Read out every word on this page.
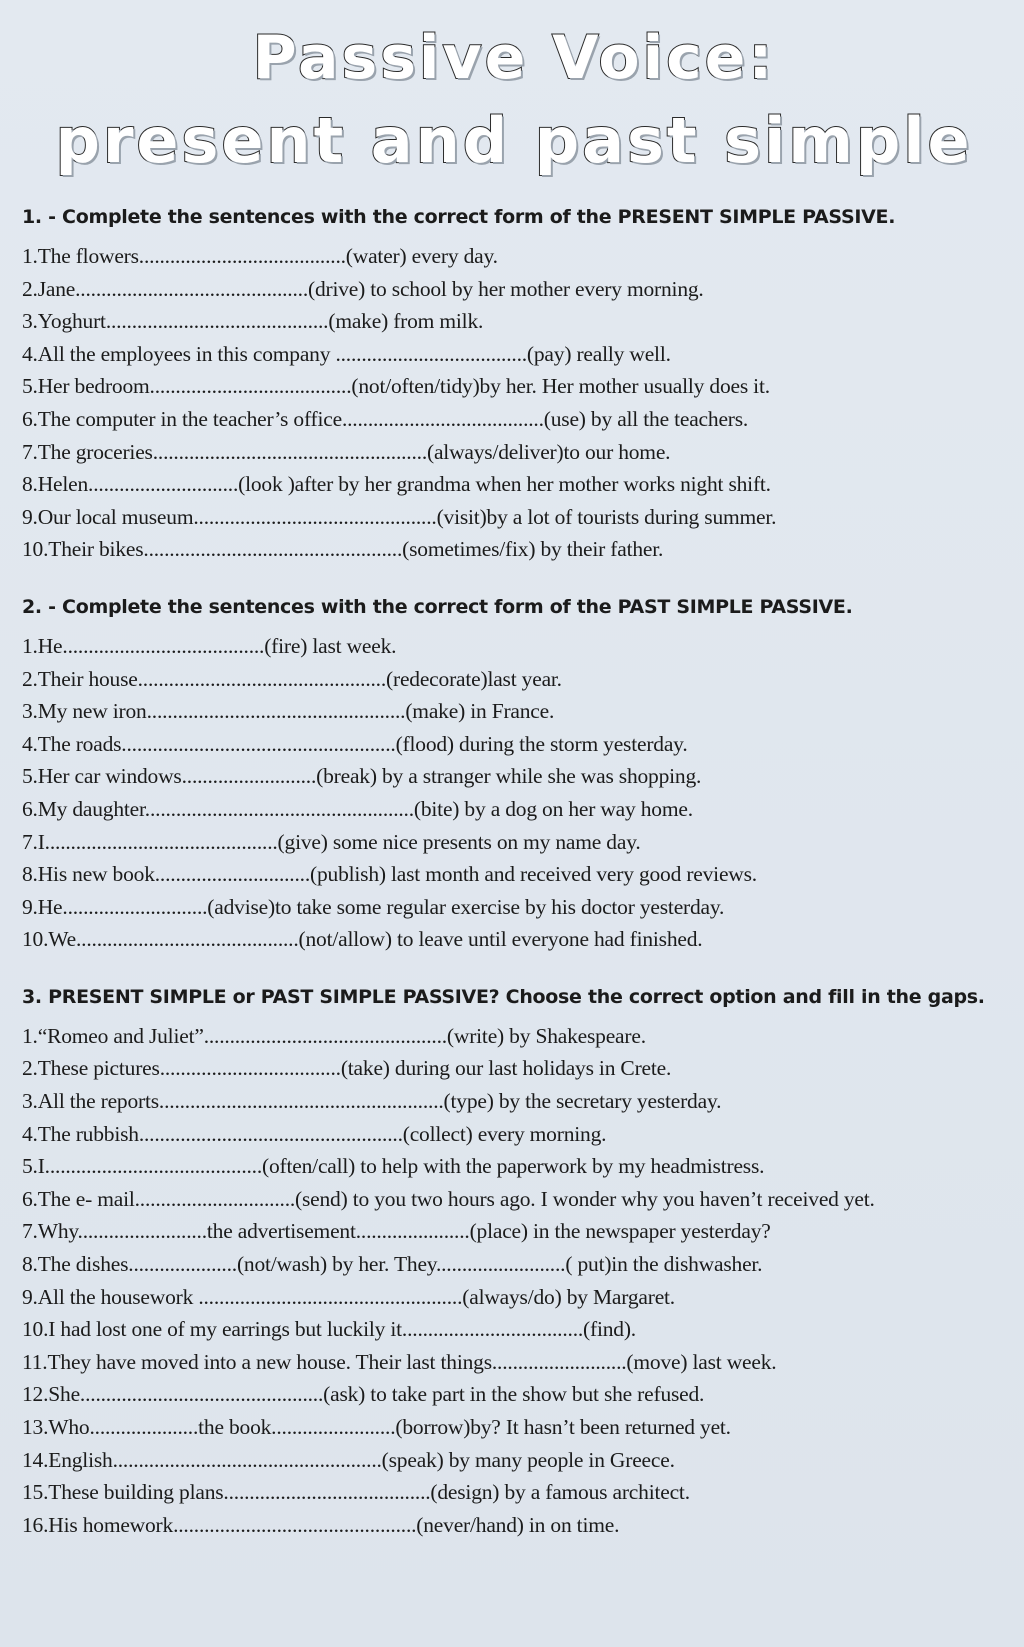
Passive Voice:
present and past simple
1. - Complete the sentences with the correct form of the PRESENT SIMPLE PASSIVE.
1.The flowers........................................(water) every day.
2.Jane.............................................(drive) to school by her mother every morning.
3.Yoghurt...........................................(make) from milk.
4.All the employees in this company .....................................(pay) really well.
5.Her bedroom.......................................(not/often/tidy)by her. Her mother usually does it.
6.The computer in the teacher’s office.......................................(use) by all the teachers.
7.The groceries.....................................................(always/deliver)to our home.
8.Helen.............................(look )after by her grandma when her mother works night shift.
9.Our local museum...............................................(visit)by a lot of tourists during summer.
10.Their bikes..................................................(sometimes/fix) by their father.
2. - Complete the sentences with the correct form of the PAST SIMPLE PASSIVE.
1.He.......................................(fire) last week.
2.Their house................................................(redecorate)last year.
3.My new iron..................................................(make) in France.
4.The roads.....................................................(flood) during the storm yesterday.
5.Her car windows..........................(break) by a stranger while she was shopping.
6.My daughter....................................................(bite) by a dog on her way home.
7.I.............................................(give) some nice presents on my name day.
8.His new book..............................(publish) last month and received very good reviews.
9.He............................(advise)to take some regular exercise by his doctor yesterday.
10.We...........................................(not/allow) to leave until everyone had finished.
3. PRESENT SIMPLE or PAST SIMPLE PASSIVE? Choose the correct option and fill in the gaps.
1.“Romeo and Juliet”...............................................(write) by Shakespeare.
2.These pictures...................................(take) during our last holidays in Crete.
3.All the reports.......................................................(type) by the secretary yesterday.
4.The rubbish...................................................(collect) every morning.
5.I..........................................(often/call) to help with the paperwork by my headmistress.
6.The e- mail...............................(send) to you two hours ago. I wonder why you haven’t received yet.
7.Why.........................the advertisement......................(place) in the newspaper yesterday?
8.The dishes.....................(not/wash) by her. They.........................( put)in the dishwasher.
9.All the housework ...................................................(always/do) by Margaret.
10.I had lost one of my earrings but luckily it...................................(find).
11.They have moved into a new house. Their last things..........................(move) last week.
12.She...............................................(ask) to take part in the show but she refused.
13.Who.....................the book........................(borrow)by? It hasn’t been returned yet.
14.English....................................................(speak) by many people in Greece.
15.These building plans........................................(design) by a famous architect.
16.His homework...............................................(never/hand) in on time.
